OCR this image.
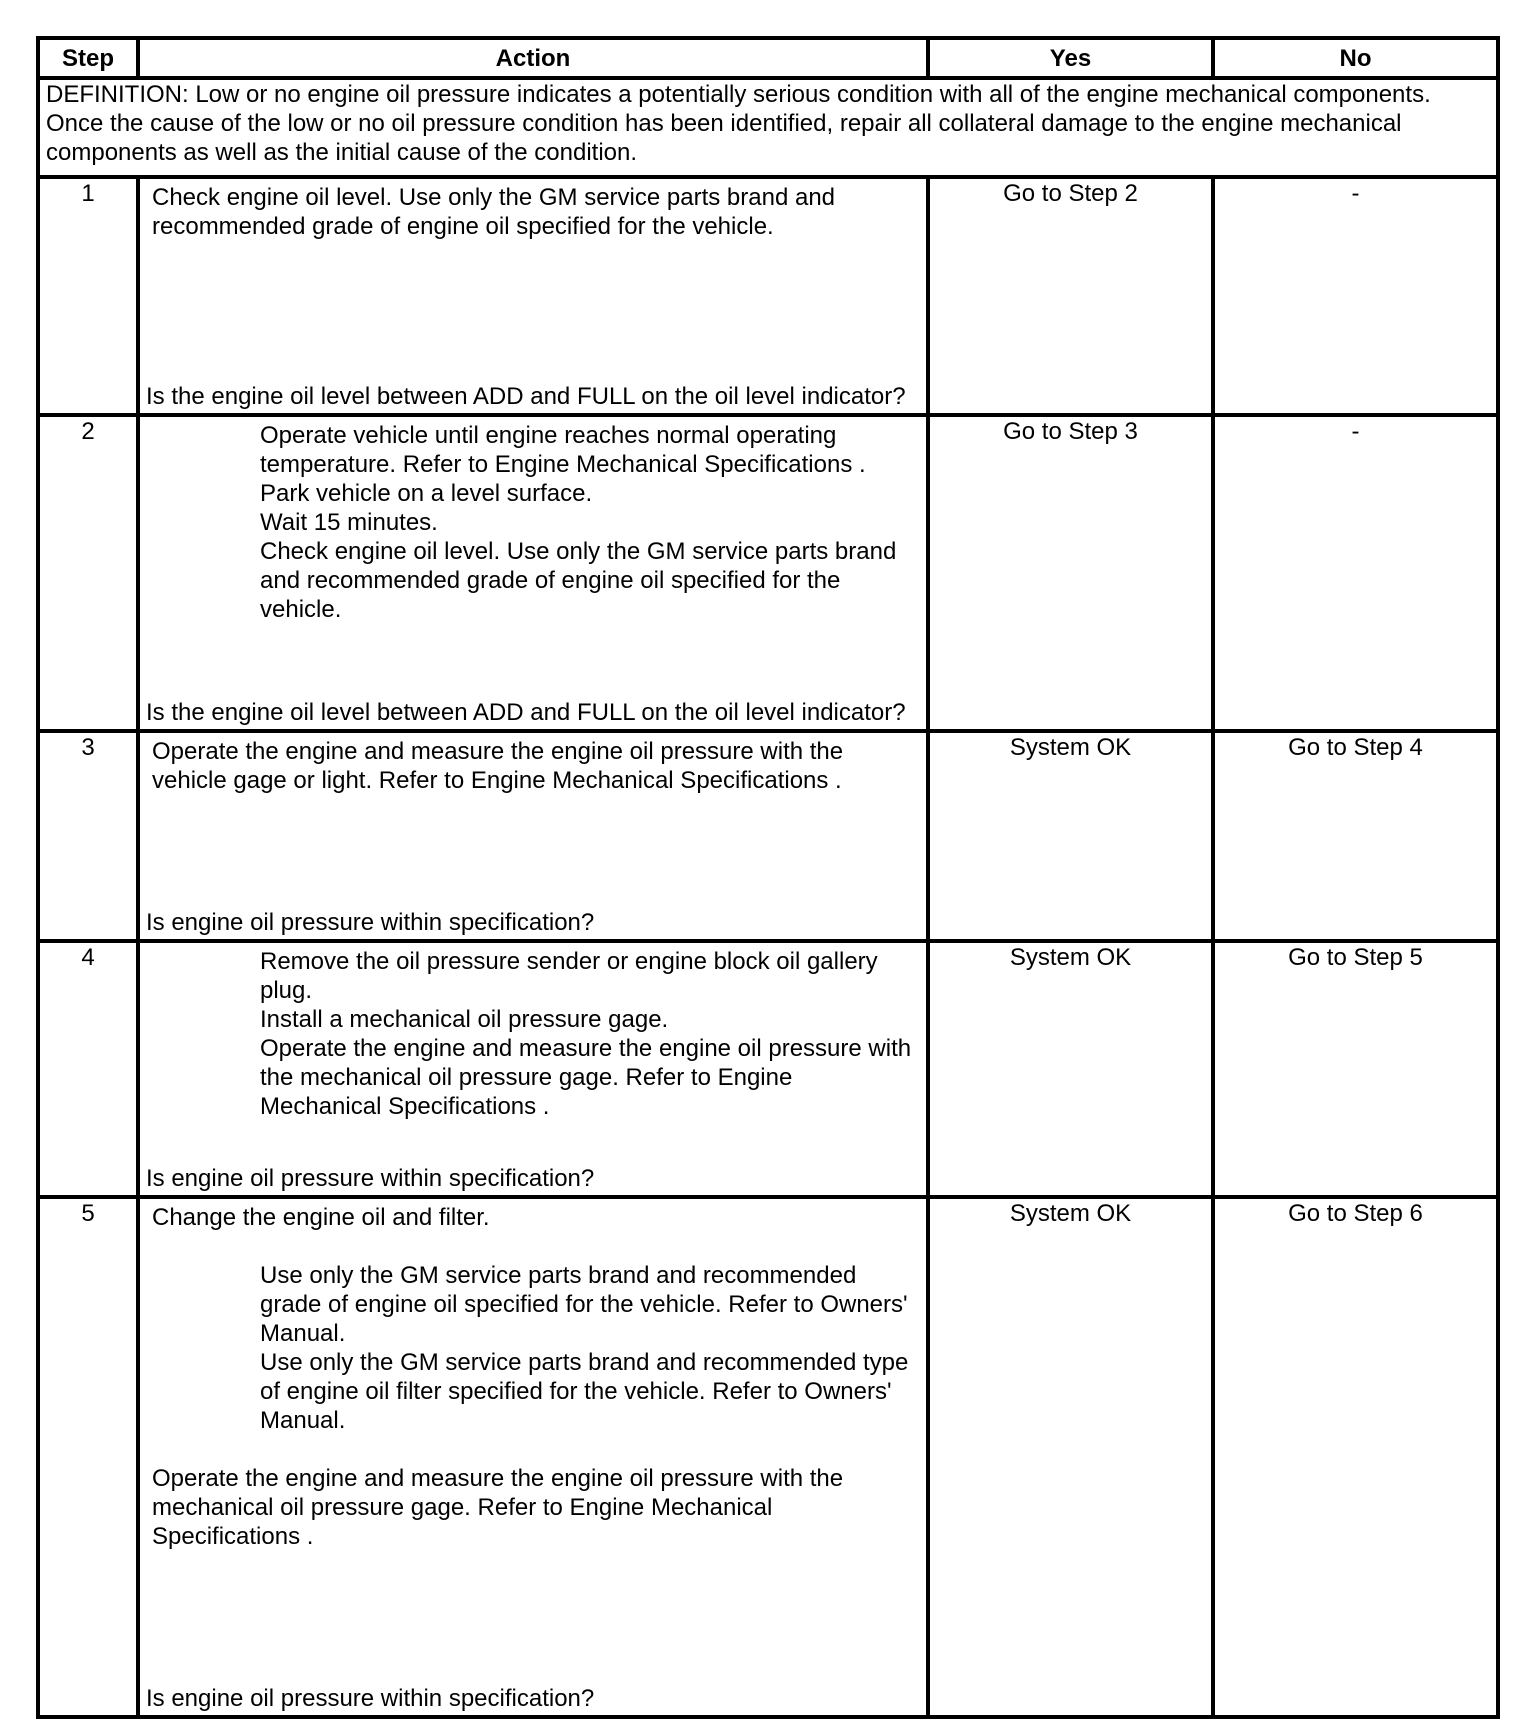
Step	Action	Yes	No
DEFINITION: Low or no engine oil pressure indicates a potentially serious condition with all of the engine mechanical components. Once the cause of the low or no oil pressure condition has been identified, repair all collateral damage to the engine mechanical components as well as the initial cause of the condition.			
1	Check engine oil level. Use only the GM service parts brand and recommended grade of engine oil specified for the vehicle.
Is the engine oil level between ADD and FULL on the oil level indicator?	Go to Step 2	-
2	Operate vehicle until engine reaches normal operating temperature. Refer to Engine Mechanical Specifications .
Park vehicle on a level surface.
Wait 15 minutes.
Check engine oil level. Use only the GM service parts brand and recommended grade of engine oil specified for the vehicle.
Is the engine oil level between ADD and FULL on the oil level indicator?	Go to Step 3	-
3	Operate the engine and measure the engine oil pressure with the vehicle gage or light. Refer to Engine Mechanical Specifications .
Is engine oil pressure within specification?	System OK	Go to Step 4
4	Remove the oil pressure sender or engine block oil gallery plug.
Install a mechanical oil pressure gage.
Operate the engine and measure the engine oil pressure with the mechanical oil pressure gage. Refer to Engine Mechanical Specifications .
Is engine oil pressure within specification?	System OK	Go to Step 5
5	Change the engine oil and filter.
Use only the GM service parts brand and recommended grade of engine oil specified for the vehicle. Refer to Owners' Manual.
Use only the GM service parts brand and recommended type of engine oil filter specified for the vehicle. Refer to Owners' Manual.
Operate the engine and measure the engine oil pressure with the mechanical oil pressure gage. Refer to Engine Mechanical Specifications .
Is engine oil pressure within specification?	System OK	Go to Step 6
